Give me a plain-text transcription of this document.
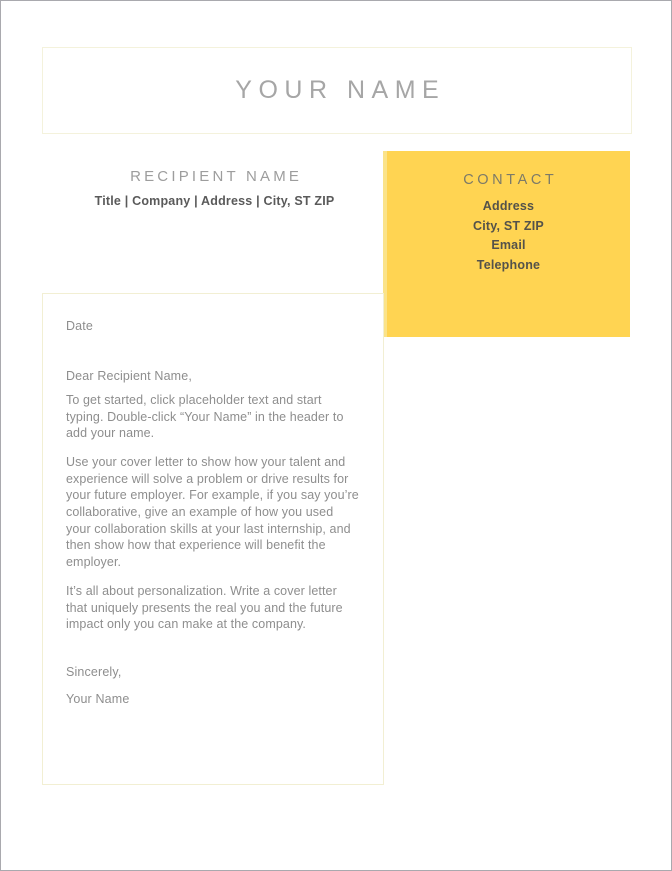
YOUR NAME
RECIPIENT NAME
Title | Company | Address | City, ST ZIP
CONTACT
Address
City, ST ZIP
Email
Telephone
Date
Dear Recipient Name,

To get started, click placeholder text and start typing. Double-click “Your Name” in the header to add your name.

Use your cover letter to show how your talent and experience will solve a problem or drive results for your future employer. For example, if you say you’re collaborative, give an example of how you used your collaboration skills at your last internship, and then show how that experience will benefit the employer.

It’s all about personalization. Write a cover letter that uniquely presents the real you and the future impact only you can make at the company.

Sincerely,
Your Name
